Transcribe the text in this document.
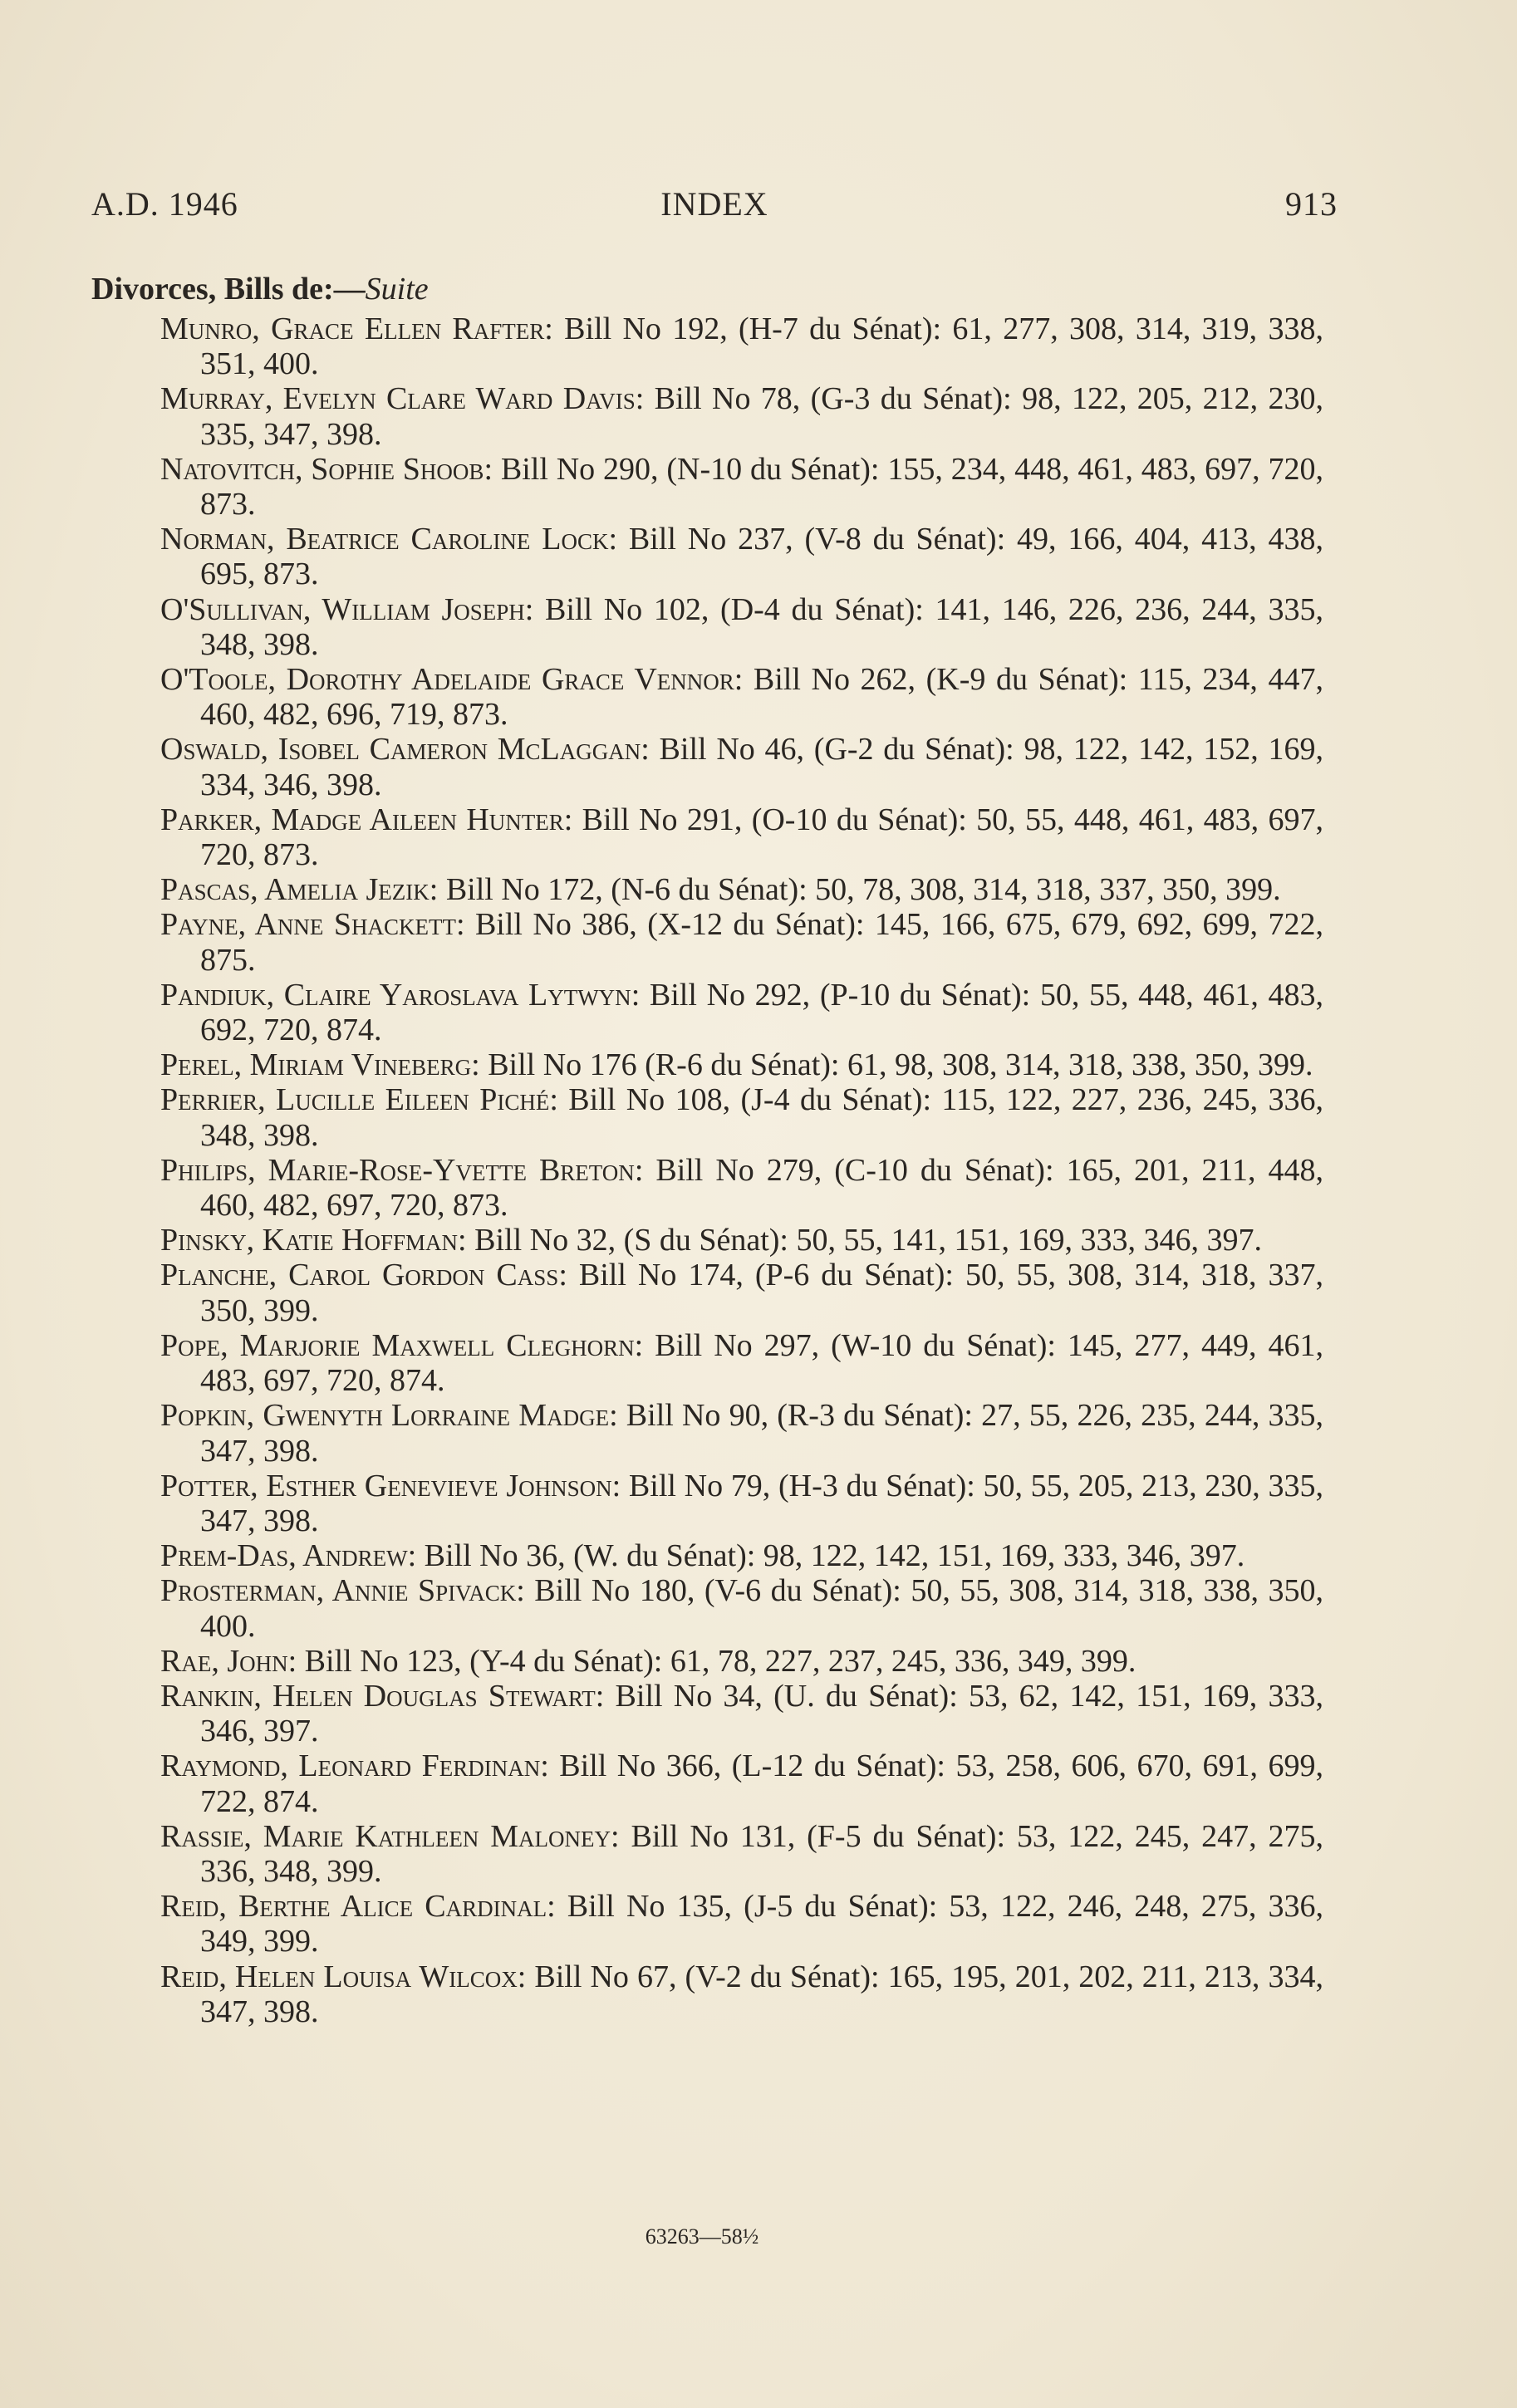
A.D. 1946	INDEX	913
Divorces, Bills de:—Suite
Munro, Grace Ellen Rafter: Bill No 192, (H-7 du Sénat): 61, 277, 308, 314, 319, 338, 351, 400.
Murray, Evelyn Clare Ward Davis: Bill No 78, (G-3 du Sénat): 98, 122, 205, 212, 230, 335, 347, 398.
Natovitch, Sophie Shoob: Bill No 290, (N-10 du Sénat): 155, 234, 448, 461, 483, 697, 720, 873.
Norman, Beatrice Caroline Lock: Bill No 237, (V-8 du Sénat): 49, 166, 404, 413, 438, 695, 873.
O'Sullivan, William Joseph: Bill No 102, (D-4 du Sénat): 141, 146, 226, 236, 244, 335, 348, 398.
O'Toole, Dorothy Adelaide Grace Vennor: Bill No 262, (K-9 du Sénat): 115, 234, 447, 460, 482, 696, 719, 873.
Oswald, Isobel Cameron McLaggan: Bill No 46, (G-2 du Sénat): 98, 122, 142, 152, 169, 334, 346, 398.
Parker, Madge Aileen Hunter: Bill No 291, (O-10 du Sénat): 50, 55, 448, 461, 483, 697, 720, 873.
Pascas, Amelia Jezik: Bill No 172, (N-6 du Sénat): 50, 78, 308, 314, 318, 337, 350, 399.
Payne, Anne Shackett: Bill No 386, (X-12 du Sénat): 145, 166, 675, 679, 692, 699, 722, 875.
Pandiuk, Claire Yaroslava Lytwyn: Bill No 292, (P-10 du Sénat): 50, 55, 448, 461, 483, 692, 720, 874.
Perel, Miriam Vineberg: Bill No 176 (R-6 du Sénat): 61, 98, 308, 314, 318, 338, 350, 399.
Perrier, Lucille Eileen Piché: Bill No 108, (J-4 du Sénat): 115, 122, 227, 236, 245, 336, 348, 398.
Philips, Marie-Rose-Yvette Breton: Bill No 279, (C-10 du Sénat): 165, 201, 211, 448, 460, 482, 697, 720, 873.
Pinsky, Katie Hoffman: Bill No 32, (S du Sénat): 50, 55, 141, 151, 169, 333, 346, 397.
Planche, Carol Gordon Cass: Bill No 174, (P-6 du Sénat): 50, 55, 308, 314, 318, 337, 350, 399.
Pope, Marjorie Maxwell Cleghorn: Bill No 297, (W-10 du Sénat): 145, 277, 449, 461, 483, 697, 720, 874.
Popkin, Gwenyth Lorraine Madge: Bill No 90, (R-3 du Sénat): 27, 55, 226, 235, 244, 335, 347, 398.
Potter, Esther Genevieve Johnson: Bill No 79, (H-3 du Sénat): 50, 55, 205, 213, 230, 335, 347, 398.
Prem-Das, Andrew: Bill No 36, (W. du Sénat): 98, 122, 142, 151, 169, 333, 346, 397.
Prosterman, Annie Spivack: Bill No 180, (V-6 du Sénat): 50, 55, 308, 314, 318, 338, 350, 400.
Rae, John: Bill No 123, (Y-4 du Sénat): 61, 78, 227, 237, 245, 336, 349, 399.
Rankin, Helen Douglas Stewart: Bill No 34, (U. du Sénat): 53, 62, 142, 151, 169, 333, 346, 397.
Raymond, Leonard Ferdinan: Bill No 366, (L-12 du Sénat): 53, 258, 606, 670, 691, 699, 722, 874.
Rassie, Marie Kathleen Maloney: Bill No 131, (F-5 du Sénat): 53, 122, 245, 247, 275, 336, 348, 399.
Reid, Berthe Alice Cardinal: Bill No 135, (J-5 du Sénat): 53, 122, 246, 248, 275, 336, 349, 399.
Reid, Helen Louisa Wilcox: Bill No 67, (V-2 du Sénat): 165, 195, 201, 202, 211, 213, 334, 347, 398.
63263—58½
